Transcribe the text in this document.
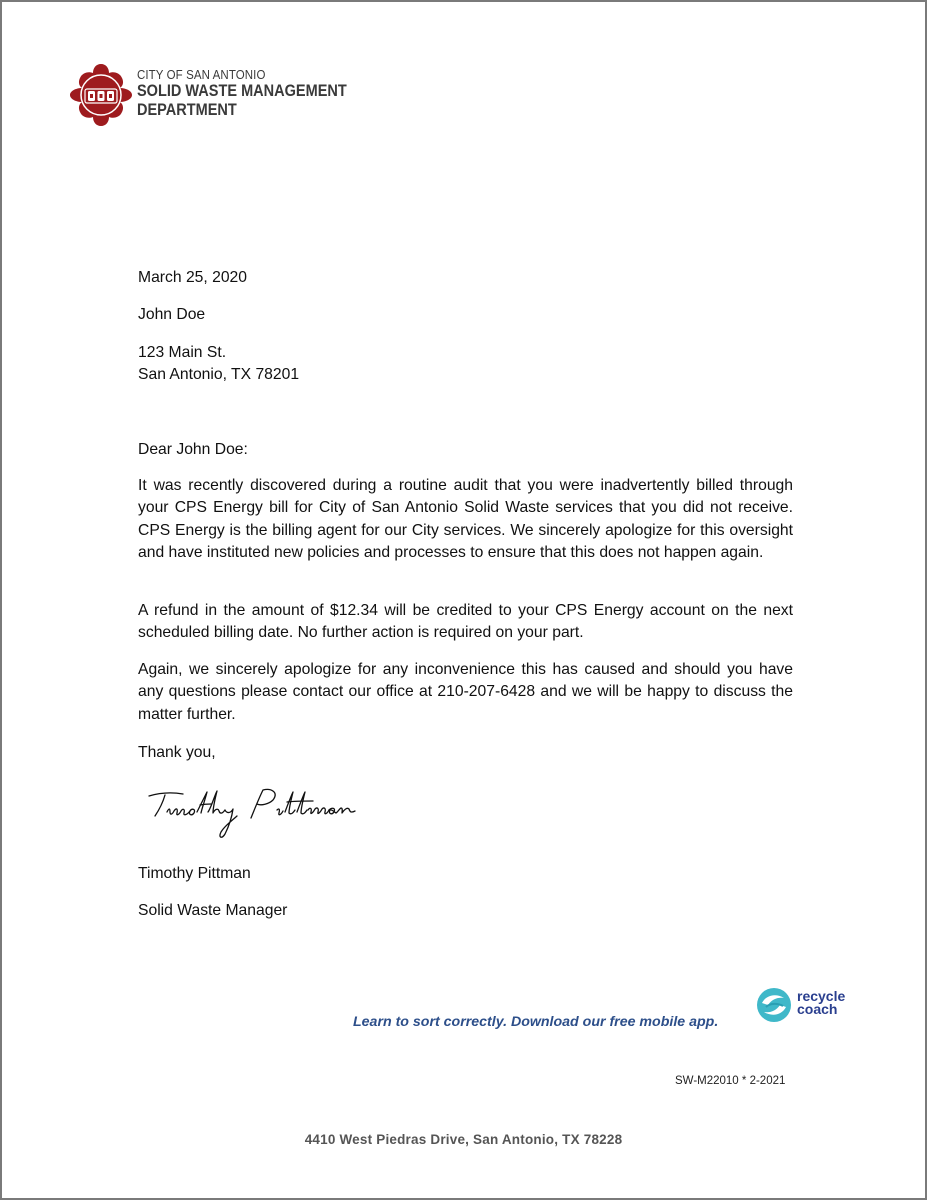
CITY OF SAN ANTONIO
SOLID WASTE MANAGEMENT
DEPARTMENT
March 25, 2020
John Doe
123 Main St.
San Antonio, TX 78201
Dear John Doe:
It was recently discovered during a routine audit that you were inadvertently billed through your CPS Energy bill for City of San Antonio Solid Waste services that you did not receive. CPS Energy is the billing agent for our City services. We sincerely apologize for this oversight and have instituted new policies and processes to ensure that this does not happen again.
A refund in the amount of $12.34 will be credited to your CPS Energy account on the next scheduled billing date. No further action is required on your part.
Again, we sincerely apologize for any inconvenience this has caused and should you have any questions please contact our office at 210-207-6428 and we will be happy to discuss the matter further.
Thank you,
Timothy Pittman
Solid Waste Manager
Learn to sort correctly. Download our free mobile app.
recycle
coach
SW-M22010 * 2-2021
4410 West Piedras Drive, San Antonio, TX 78228
